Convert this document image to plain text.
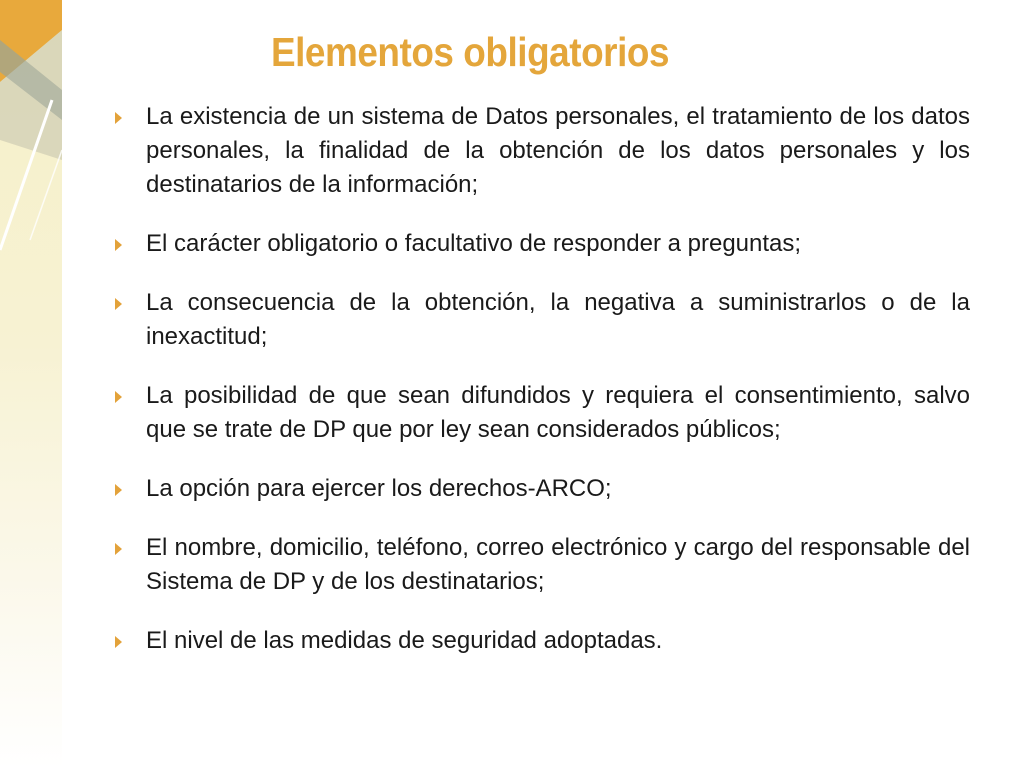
Elementos obligatorios
La existencia de un sistema de Datos personales, el tratamiento de los datos personales, la finalidad de la obtención de los datos personales y los destinatarios de la información;
El carácter obligatorio o facultativo de responder a preguntas;
La consecuencia de la obtención, la negativa a suministrarlos o de la inexactitud;
La posibilidad de que sean difundidos y requiera el consentimiento, salvo que se trate de DP que por ley sean considerados públicos;
La opción para ejercer los derechos-ARCO;
El nombre, domicilio, teléfono, correo electrónico y cargo del responsable del Sistema de DP y de los destinatarios;
El nivel de las medidas de seguridad adoptadas.
